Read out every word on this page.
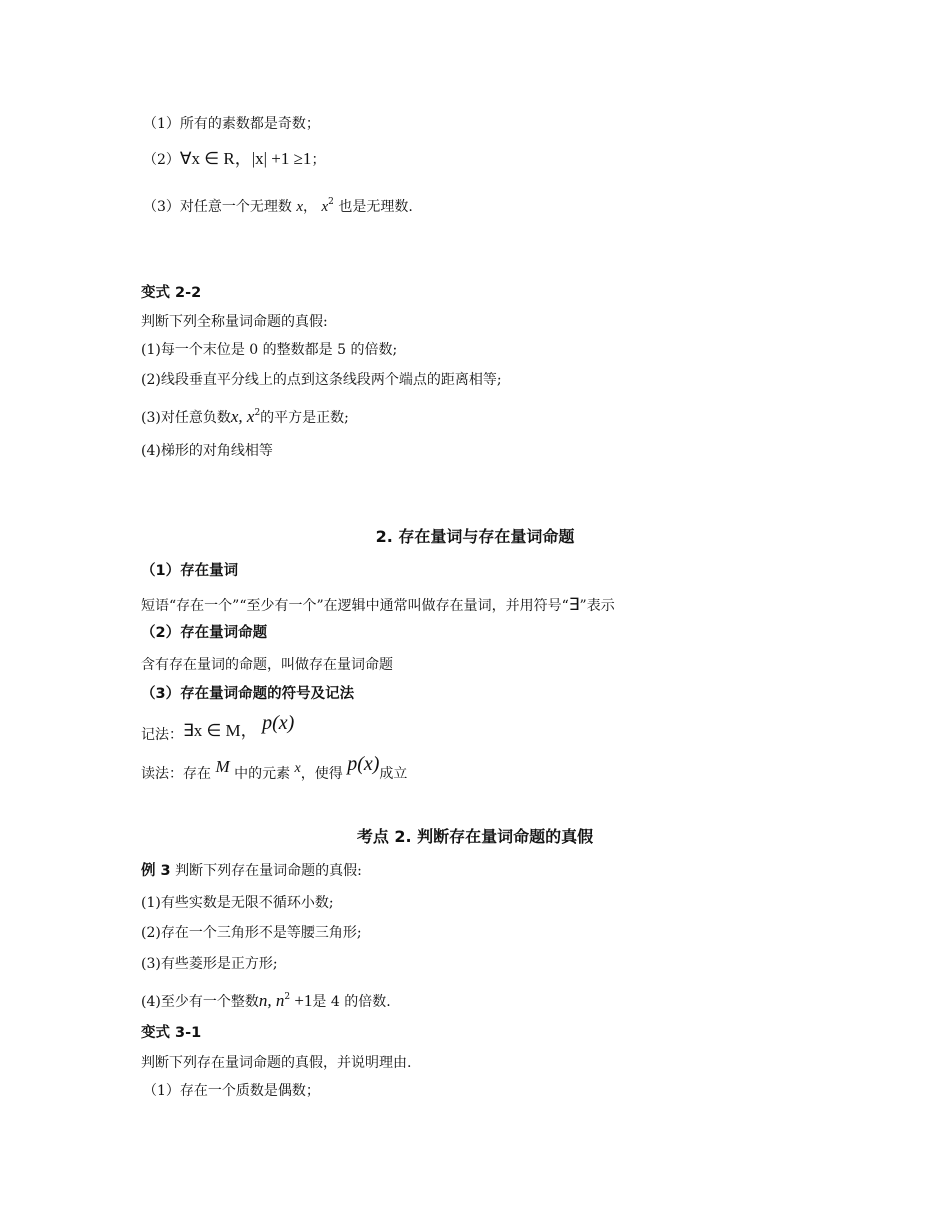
（1）所有的素数都是奇数；
（2）∀x ∈ R，|x| +1 ≥1；
（3）对任意一个无理数 x， $x^2$ 也是无理数.
变式 2-2
判断下列全称量词命题的真假:
(1)每一个末位是 0 的整数都是 5 的倍数;
(2)线段垂直平分线上的点到这条线段两个端点的距离相等;
(3)对任意负数x, $x^2$的平方是正数;
(4)梯形的对角线相等
2. 存在量词与存在量词命题
（1）存在量词
短语“存在一个”“至少有一个”在逻辑中通常叫做存在量词，并用符号“∃”表示
（2）存在量词命题
含有存在量词的命题，叫做存在量词命题
（3）存在量词命题的符号及记法
记法：∃x ∈ M， p(x)
读法：存在 M 中的元素 x，使得 p(x)成立
考点 2. 判断存在量词命题的真假
例 3 判断下列存在量词命题的真假:
(1)有些实数是无限不循环小数;
(2)存在一个三角形不是等腰三角形;
(3)有些菱形是正方形;
(4)至少有一个整数n, $n^2 +1$是 4 的倍数.
变式 3-1
判断下列存在量词命题的真假，并说明理由.
（1）存在一个质数是偶数；
